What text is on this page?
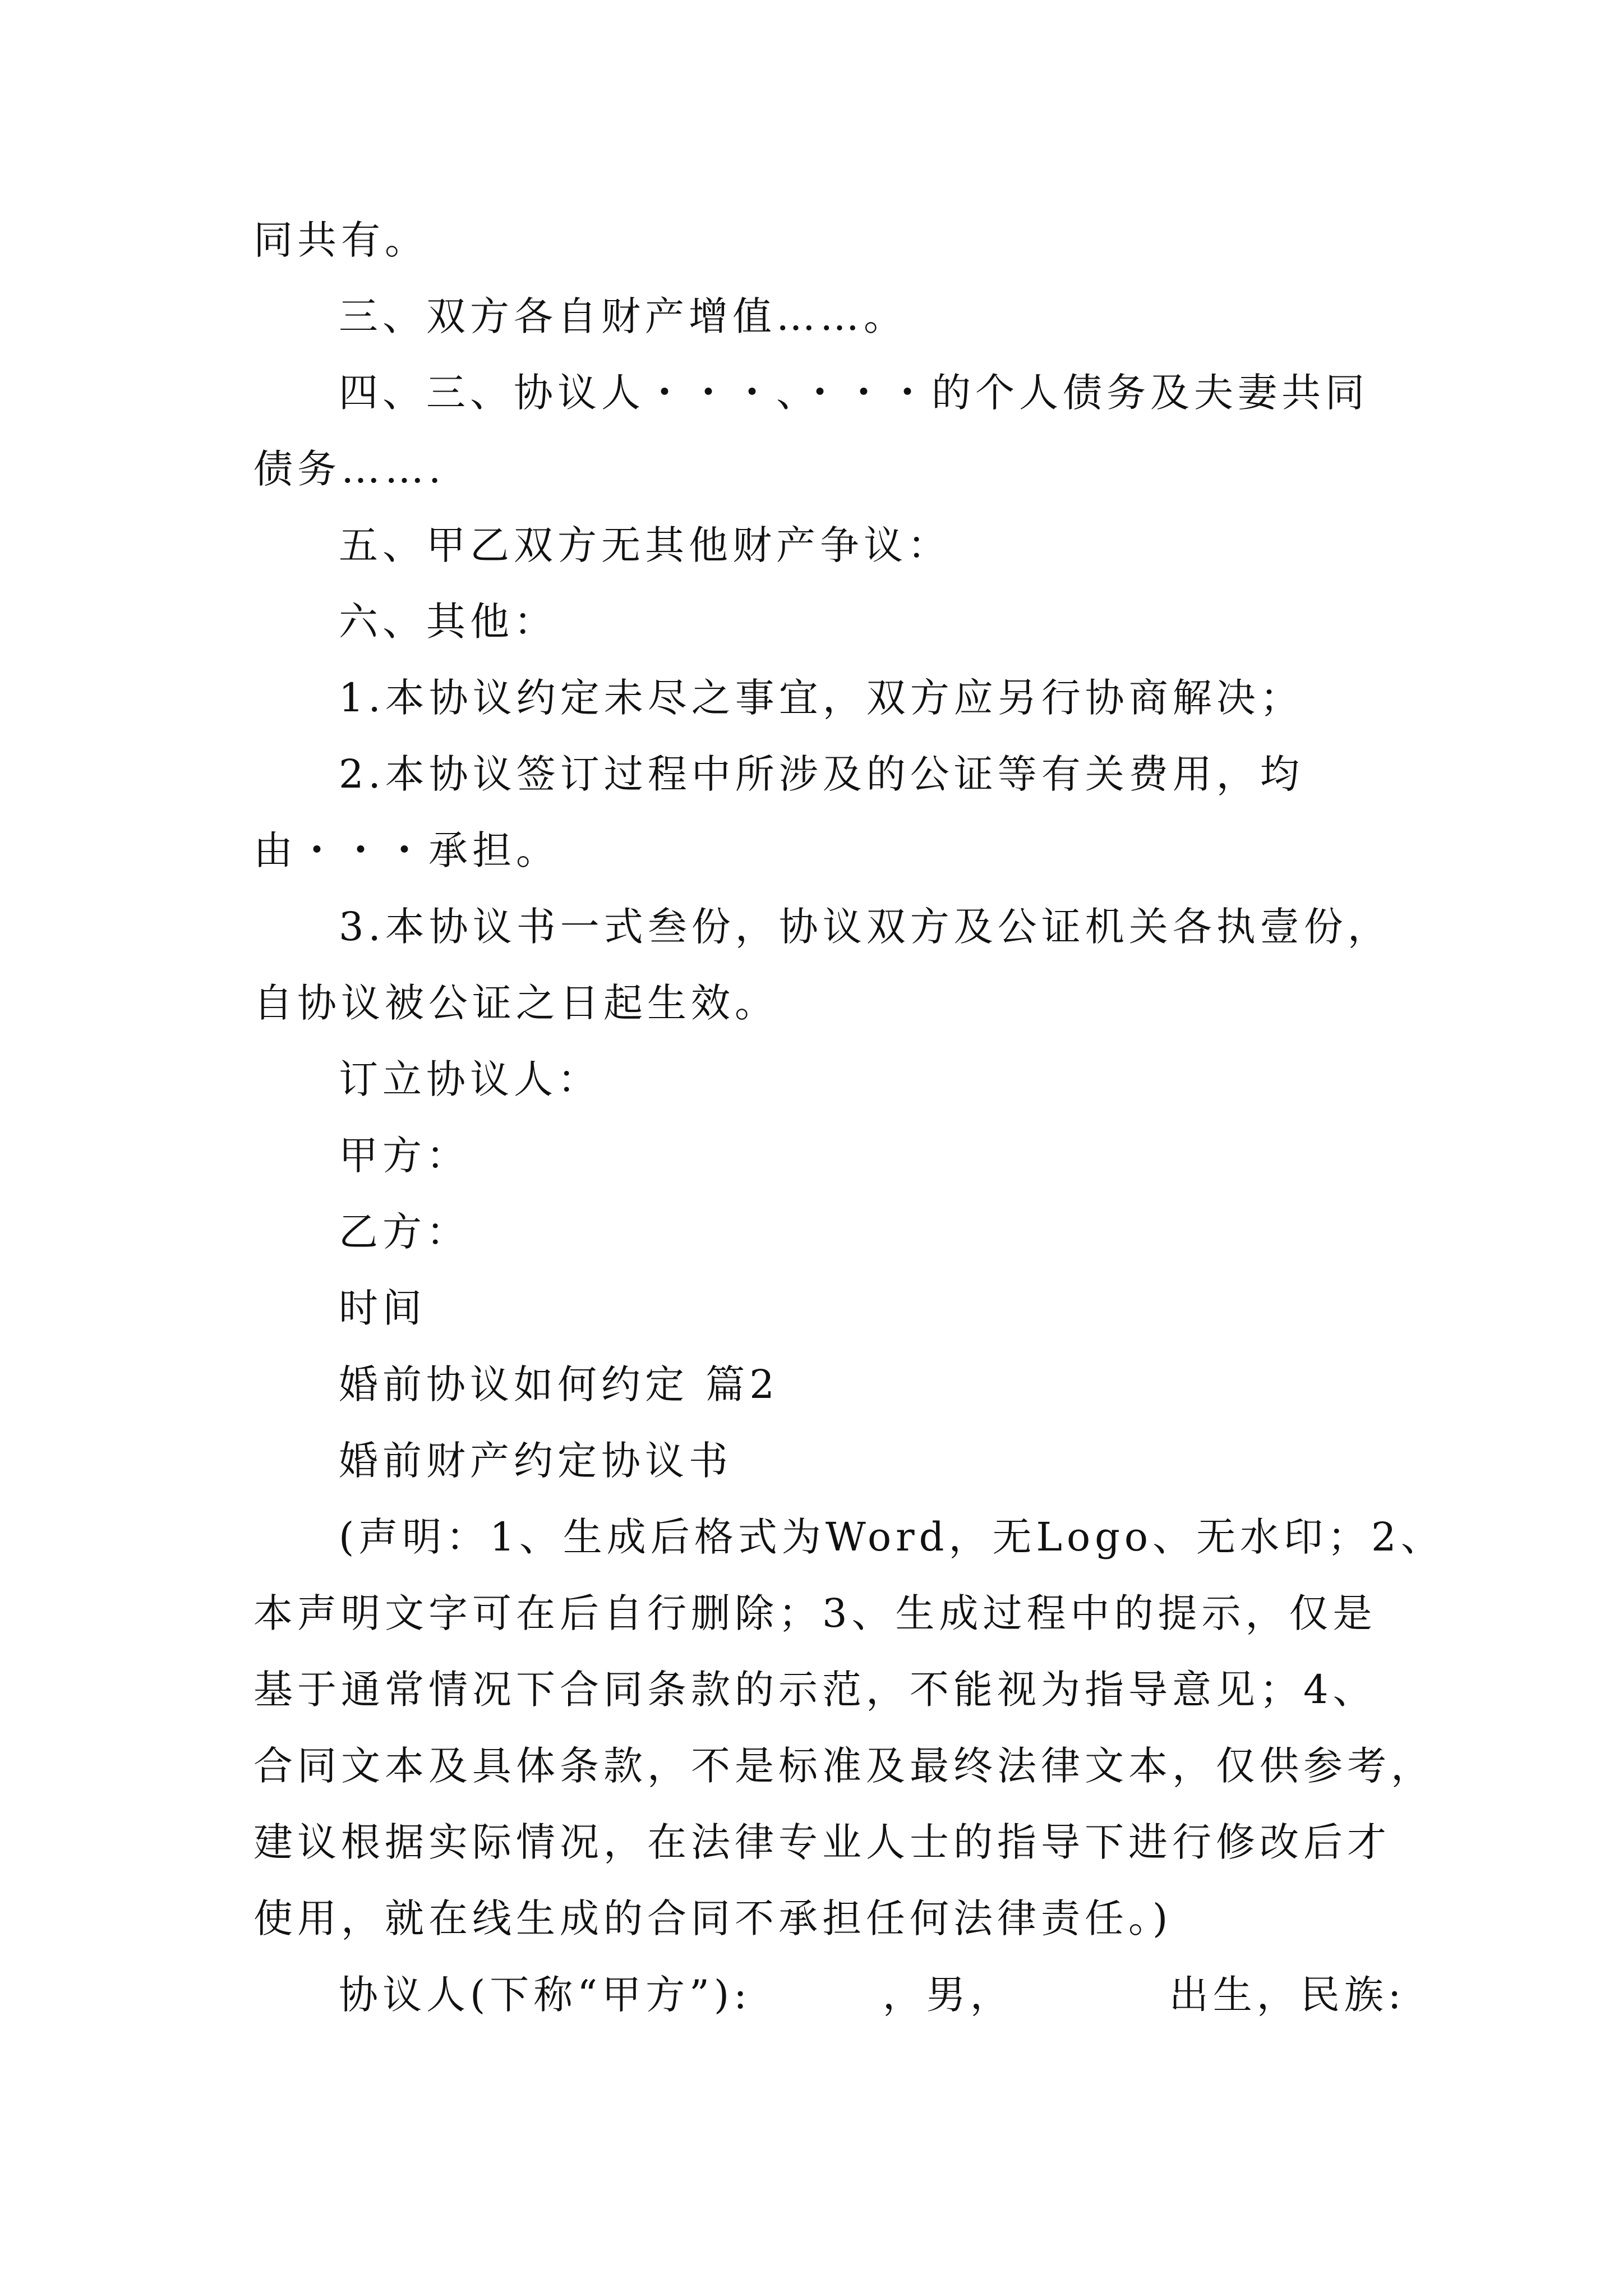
同共有。
三、双方各自财产增值……。
四、三、协议人・・・、・・・的个人债务及夫妻共同
债务…….
五、甲乙双方无其他财产争议：
六、其他：
1.本协议约定未尽之事宜，双方应另行协商解决；
2.本协议签订过程中所涉及的公证等有关费用，均
由・・・承担。
3.本协议书一式叁份，协议双方及公证机关各执壹份，
自协议被公证之日起生效。
订立协议人：
甲方：
乙方：
时间
婚前协议如何约定 篇2
婚前财产约定协议书
(声明：1、生成后格式为Word，无Logo、无水印；2、
本声明文字可在后自行删除；3、生成过程中的提示，仅是
基于通常情况下合同条款的示范，不能视为指导意见；4、
合同文本及具体条款，不是标准及最终法律文本，仅供参考，
建议根据实际情况，在法律专业人士的指导下进行修改后才
使用，就在线生成的合同不承担任何法律责任。)
协议人(下称“甲方”):　　　，男，　　　　出生，民族:
